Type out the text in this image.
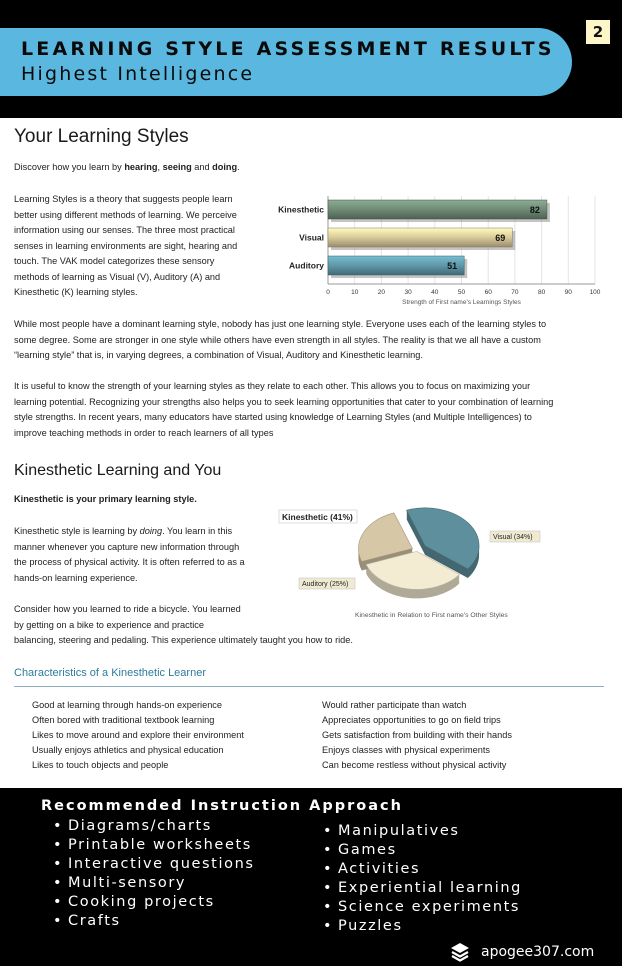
LEARNING STYLE ASSESSMENT RESULTS
Highest Intelligence
2
Your Learning Styles
Discover how you learn by hearing, seeing and doing.
Learning Styles is a theory that suggests people learn
better using different methods of learning. We perceive
information using our senses. The three most practical
senses in learning environments are sight, hearing and
touch. The VAK model categorizes these sensory
methods of learning as Visual (V), Auditory (A) and
Kinesthetic (K) learning styles.
Kinesthetic	82
Visual	69
Auditory	51
0	10	20	30	40	50	60	70	80	90	100
Strength of First name's Learnings Styles
While most people have a dominant learning style, nobody has just one learning style. Everyone uses each of the learning styles to
some degree. Some are stronger in one style while others have even strength in all styles. The reality is that we all have a custom
“learning style” that is, in varying degrees, a combination of Visual, Auditory and Kinesthetic learning.
It is useful to know the strength of your learning styles as they relate to each other. This allows you to focus on maximizing your
learning potential. Recognizing your strengths also helps you to seek learning opportunities that cater to your combination of learning
style strengths. In recent years, many educators have started using knowledge of Learning Styles (and Multiple Intelligences) to
improve teaching methods in order to reach learners of all types
Kinesthetic Learning and You
Kinesthetic is your primary learning style.
Kinesthetic style is learning by doing. You learn in this
manner whenever you capture new information through
the process of physical activity. It is often referred to as a
hands-on learning experience.
Consider how you learned to ride a bicycle. You learned
by getting on a bike to experience and practice
balancing, steering and pedaling. This experience ultimately taught you how to ride.
Kinesthetic (41%)
Visual (34%)
Auditory (25%)
Kinesthetic in Relation to First name's Other Styles
Characteristics of a Kinesthetic Learner
Good at learning through hands-on experience
Often bored with traditional textbook learning
Likes to move around and explore their environment
Usually enjoys athletics and physical education
Likes to touch objects and people
Would rather participate than watch
Appreciates opportunities to go on field trips
Gets satisfaction from building with their hands
Enjoys classes with physical experiments
Can become restless without physical activity
Recommended Instruction Approach
• Diagrams/charts
• Printable worksheets
• Interactive questions
• Multi-sensory
• Cooking projects
• Crafts
• Manipulatives
• Games
• Activities
• Experiential learning
• Science experiments
• Puzzles
apogee307.com
